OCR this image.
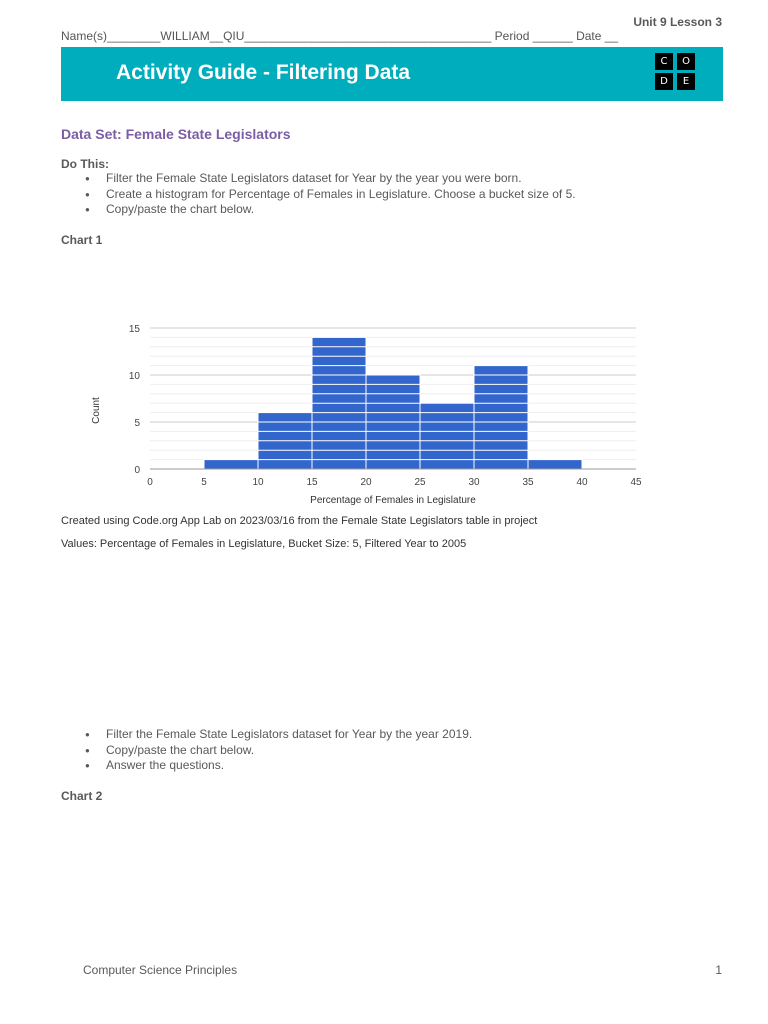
Unit 9 Lesson 3
Name(s)________WILLIAM__QIU_____________________________________ Period ______ Date __
Activity Guide - Filtering Data	C	O
D	E
Data Set: Female State Legislators
Do This:
● Filter the Female State Legislators dataset for Year by the year you were born.
● Create a histogram for Percentage of Females in Legislature. Choose a bucket size of 5.
● Copy/paste the chart below.
Chart 1
0
5
10
15
0	5	10	15	20	25	30	35	40	45
Percentage of Females in Legislature
Count
Created using Code.org App Lab on 2023/03/16 from the Female State Legislators table in project
Values: Percentage of Females in Legislature, Bucket Size: 5, Filtered Year to 2005
● Filter the Female State Legislators dataset for Year by the year 2019.
● Copy/paste the chart below.
● Answer the questions.
Chart 2
Computer Science Principles	1
